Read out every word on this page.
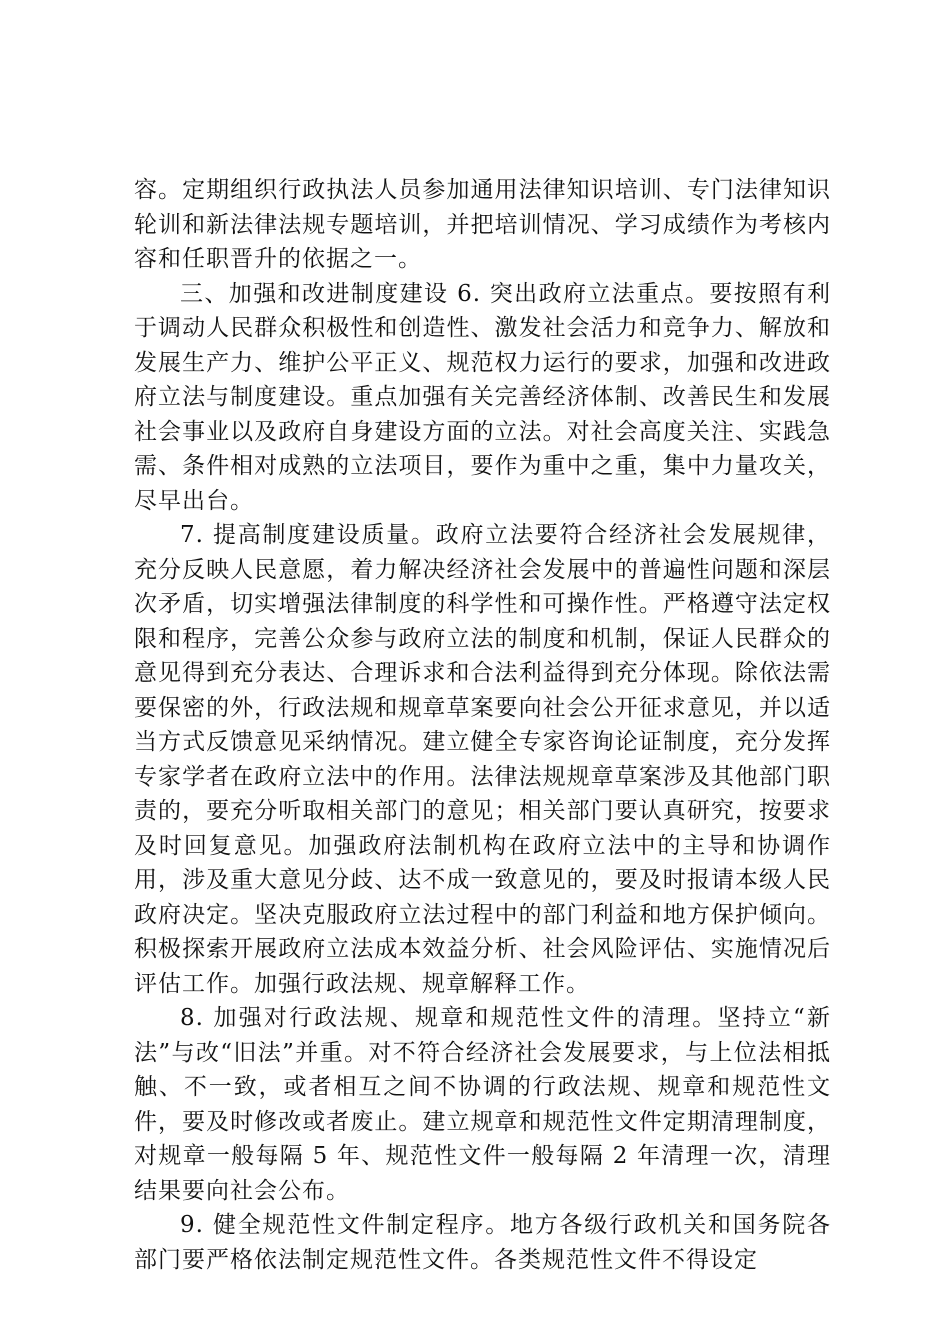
容。定期组织行政执法人员参加通用法律知识培训、专门法律知识轮训和新法律法规专题培训，并把培训情况、学习成绩作为考核内容和任职晋升的依据之一。

三、加强和改进制度建设 6. 突出政府立法重点。要按照有利于调动人民群众积极性和创造性、激发社会活力和竞争力、解放和发展生产力、维护公平正义、规范权力运行的要求，加强和改进政府立法与制度建设。重点加强有关完善经济体制、改善民生和发展社会事业以及政府自身建设方面的立法。对社会高度关注、实践急需、条件相对成熟的立法项目，要作为重中之重，集中力量攻关，尽早出台。

7. 提高制度建设质量。政府立法要符合经济社会发展规律，充分反映人民意愿，着力解决经济社会发展中的普遍性问题和深层次矛盾，切实增强法律制度的科学性和可操作性。严格遵守法定权限和程序，完善公众参与政府立法的制度和机制，保证人民群众的意见得到充分表达、合理诉求和合法利益得到充分体现。除依法需要保密的外，行政法规和规章草案要向社会公开征求意见，并以适当方式反馈意见采纳情况。建立健全专家咨询论证制度，充分发挥专家学者在政府立法中的作用。法律法规规章草案涉及其他部门职责的，要充分听取相关部门的意见；相关部门要认真研究，按要求及时回复意见。加强政府法制机构在政府立法中的主导和协调作用，涉及重大意见分歧、达不成一致意见的，要及时报请本级人民政府决定。坚决克服政府立法过程中的部门利益和地方保护倾向。积极探索开展政府立法成本效益分析、社会风险评估、实施情况后评估工作。加强行政法规、规章解释工作。

8. 加强对行政法规、规章和规范性文件的清理。坚持立“新法”与改“旧法”并重。对不符合经济社会发展要求，与上位法相抵触、不一致，或者相互之间不协调的行政法规、规章和规范性文件，要及时修改或者废止。建立规章和规范性文件定期清理制度，对规章一般每隔 5 年、规范性文件一般每隔 2 年清理一次，清理结果要向社会公布。

9. 健全规范性文件制定程序。地方各级行政机关和国务院各部门要严格依法制定规范性文件。各类规范性文件不得设定
